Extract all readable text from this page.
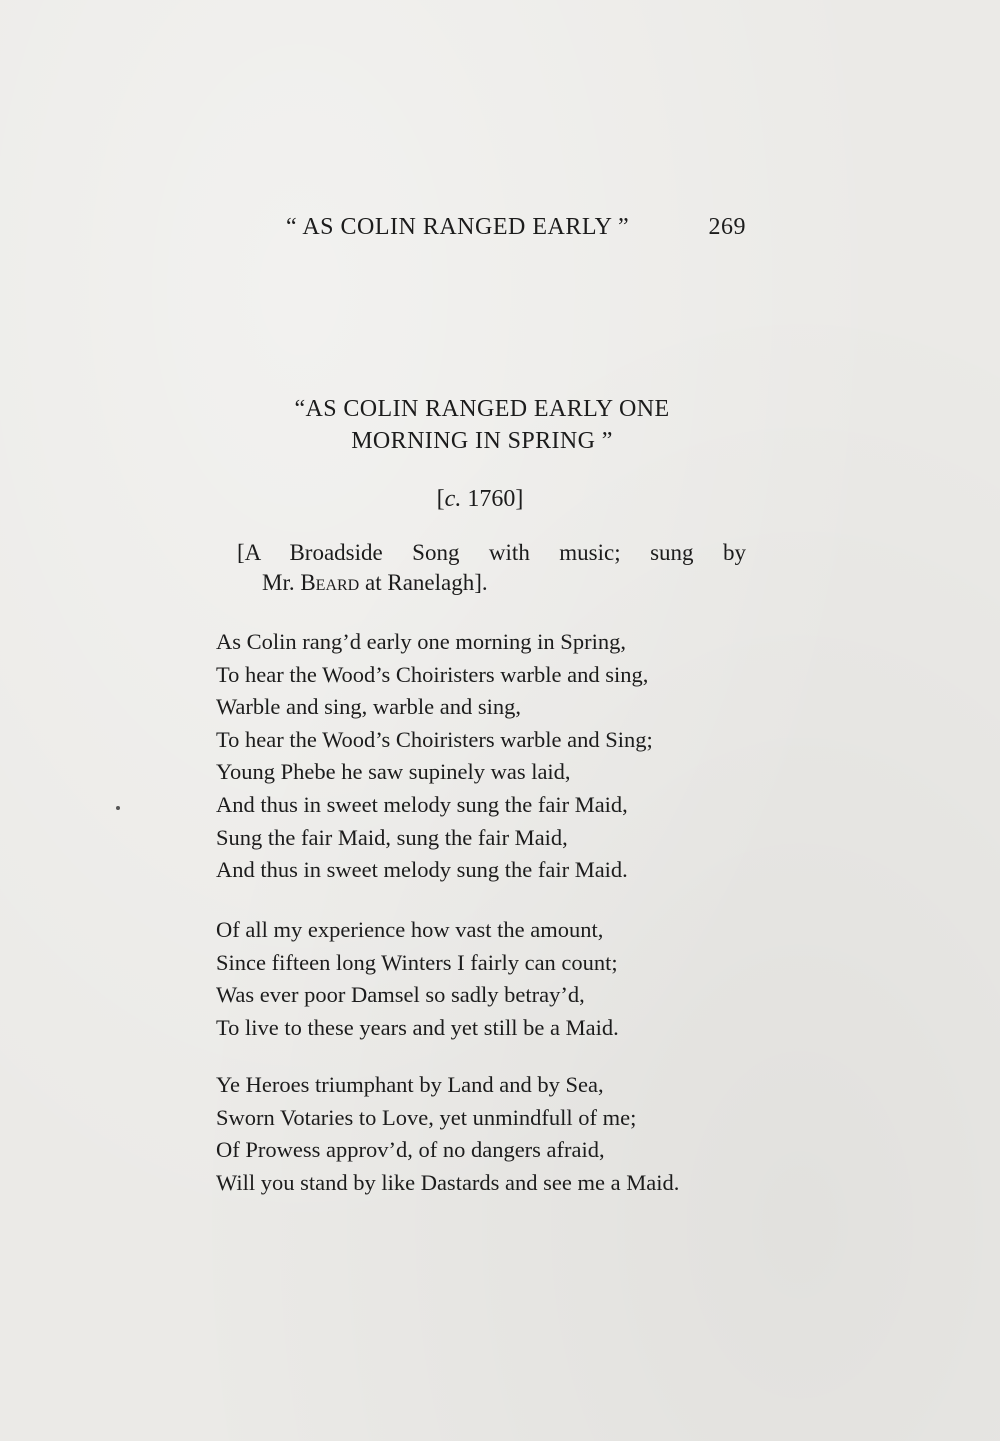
“ AS COLIN RANGED EARLY ”	269
“AS COLIN RANGED EARLY ONE
MORNING IN SPRING ”
[c. 1760]
[A Broadside Song with music; sung by
Mr. Beard at Ranelagh].
As Colin rang’d early one morning in Spring,
To hear the Wood’s Choiristers warble and sing,
Warble and sing, warble and sing,
To hear the Wood’s Choiristers warble and Sing;
Young Phebe he saw supinely was laid,
And thus in sweet melody sung the fair Maid,
Sung the fair Maid, sung the fair Maid,
And thus in sweet melody sung the fair Maid.
Of all my experience how vast the amount,
Since fifteen long Winters I fairly can count;
Was ever poor Damsel so sadly betray’d,
To live to these years and yet still be a Maid.
Ye Heroes triumphant by Land and by Sea,
Sworn Votaries to Love, yet unmindfull of me;
Of Prowess approv’d, of no dangers afraid,
Will you stand by like Dastards and see me a Maid.
